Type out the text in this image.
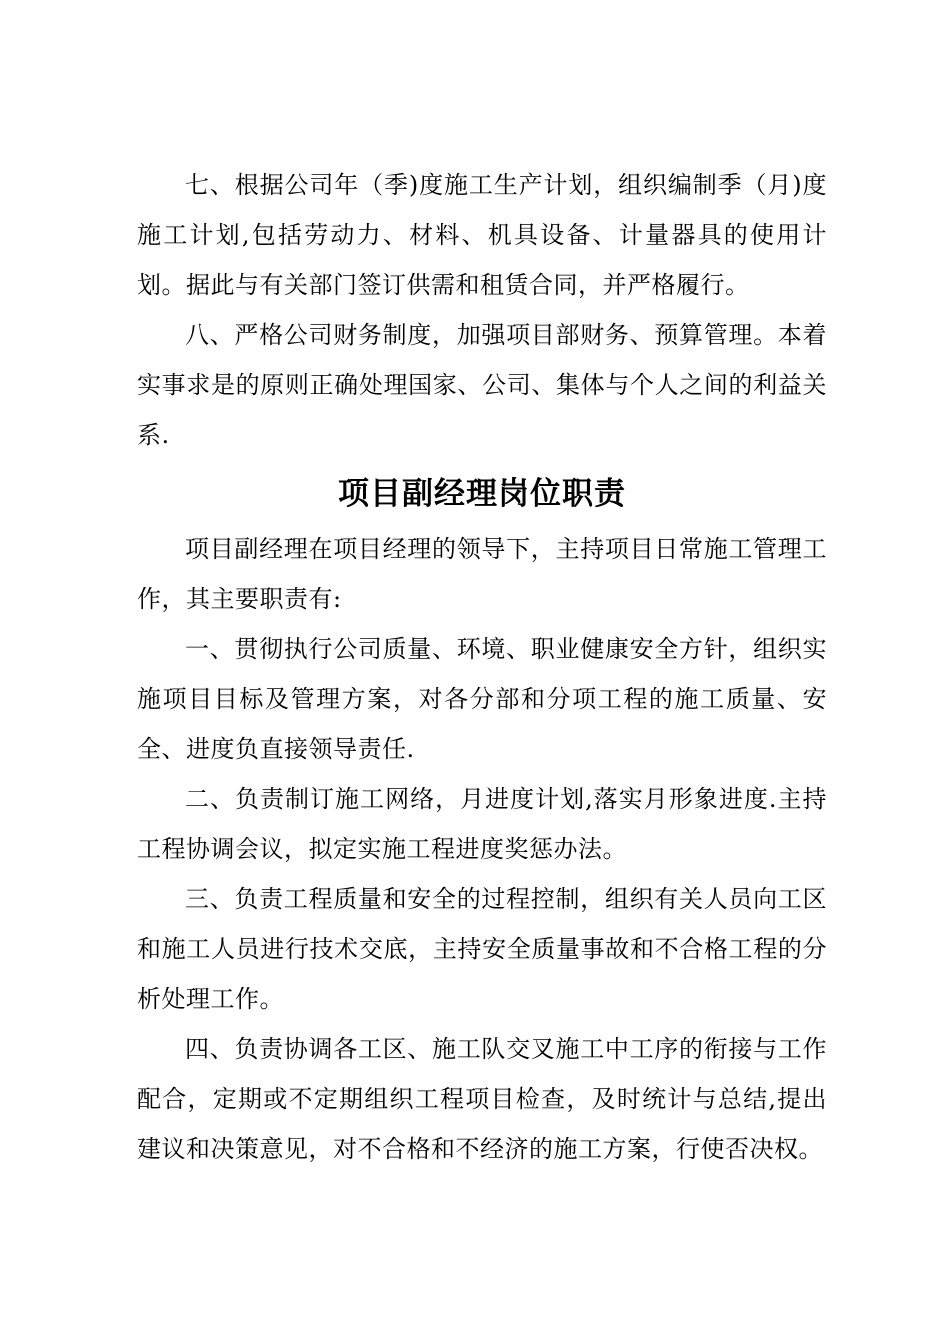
七、根据公司年（季)度施工生产计划，组织编制季（月)度施工计划,包括劳动力、材料、机具设备、计量器具的使用计划。据此与有关部门签订供需和租赁合同，并严格履行。

八、严格公司财务制度，加强项目部财务、预算管理。本着实事求是的原则正确处理国家、公司、集体与个人之间的利益关系.

项目副经理岗位职责

项目副经理在项目经理的领导下，主持项目日常施工管理工作，其主要职责有:

一、贯彻执行公司质量、环境、职业健康安全方针，组织实施项目目标及管理方案，对各分部和分项工程的施工质量、安全、进度负直接领导责任.

二、负责制订施工网络，月进度计划,落实月形象进度.主持工程协调会议，拟定实施工程进度奖惩办法。

三、负责工程质量和安全的过程控制，组织有关人员向工区和施工人员进行技术交底，主持安全质量事故和不合格工程的分析处理工作。

四、负责协调各工区、施工队交叉施工中工序的衔接与工作配合，定期或不定期组织工程项目检查，及时统计与总结,提出建议和决策意见，对不合格和不经济的施工方案，行使否决权。
